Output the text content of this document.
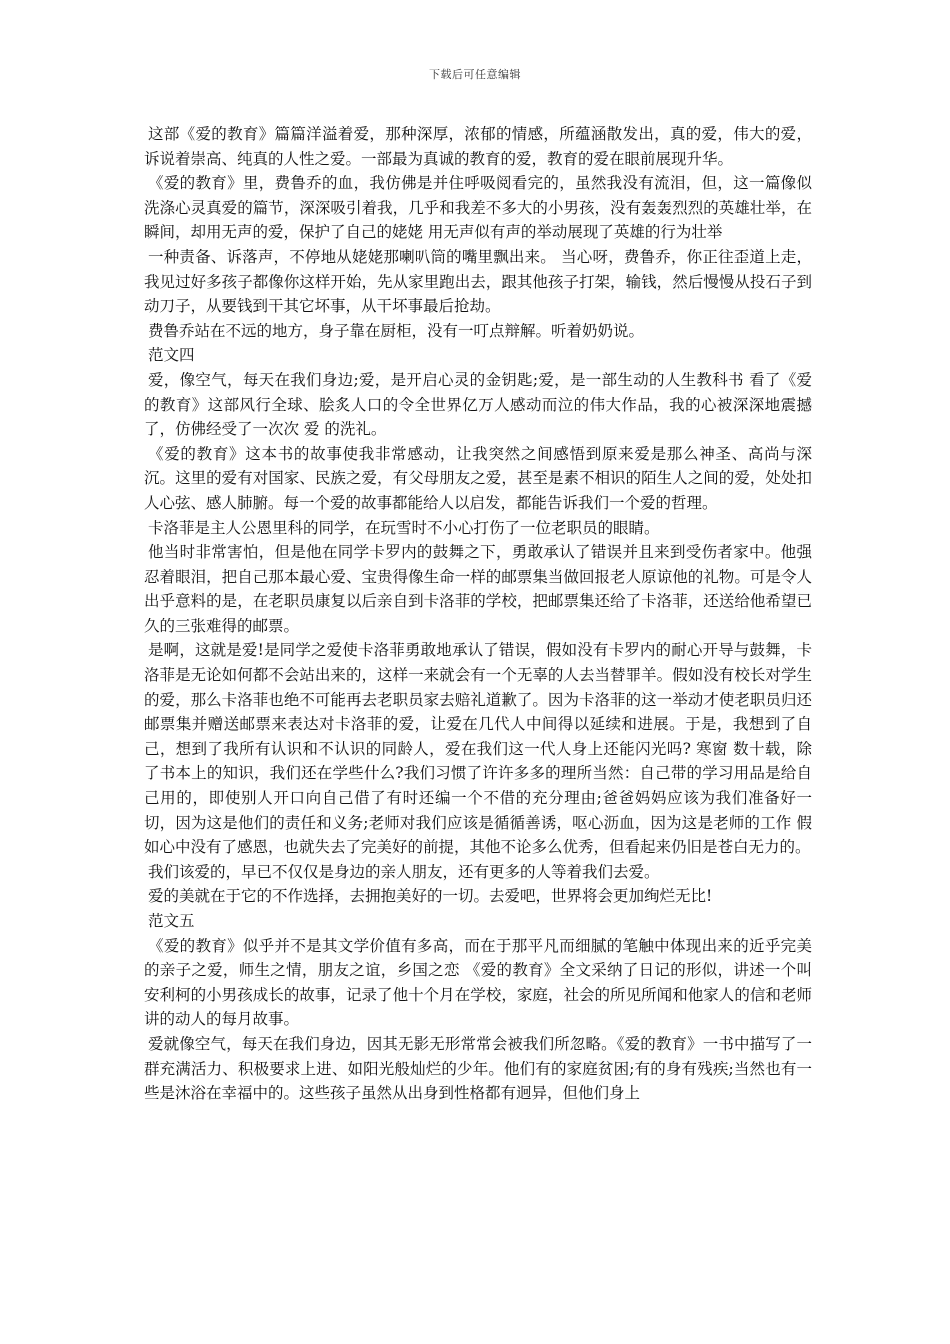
下载后可任意编辑

这部《爱的教育》篇篇洋溢着爱，那种深厚，浓郁的情感，所蕴涵散发出，真的爱，伟大的爱，诉说着崇高、纯真的人性之爱。一部最为真诚的教育的爱，教育的爱在眼前展现升华。

《爱的教育》里，费鲁乔的血，我仿佛是并住呼吸阅看完的，虽然我没有流泪，但，这一篇像似洗涤心灵真爱的篇节，深深吸引着我，几乎和我差不多大的小男孩，没有轰轰烈烈的英雄壮举，在瞬间，却用无声的爱，保护了自己的姥姥 用无声似有声的举动展现了英雄的行为壮举

一种责备、诉落声，不停地从姥姥那喇叭筒的嘴里飘出来。 当心呀，费鲁乔，你正往歪道上走，我见过好多孩子都像你这样开始，先从家里跑出去，跟其他孩子打架，输钱，然后慢慢从投石子到动刀子，从要钱到干其它坏事，从干坏事最后抢劫。

费鲁乔站在不远的地方，身子靠在厨柜，没有一叮点辩解。听着奶奶说。

范文四

爱，像空气，每天在我们身边;爱，是开启心灵的金钥匙;爱，是一部生动的人生教科书 看了《爱的教育》这部风行全球、脍炙人口的令全世界亿万人感动而泣的伟大作品，我的心被深深地震撼了，仿佛经受了一次次 爱 的洗礼。

《爱的教育》这本书的故事使我非常感动，让我突然之间感悟到原来爱是那么神圣、高尚与深沉。这里的爱有对国家、民族之爱，有父母朋友之爱，甚至是素不相识的陌生人之间的爱，处处扣人心弦、感人肺腑。每一个爱的故事都能给人以启发，都能告诉我们一个爱的哲理。

卡洛菲是主人公恩里科的同学，在玩雪时不小心打伤了一位老职员的眼睛。

他当时非常害怕，但是他在同学卡罗内的鼓舞之下，勇敢承认了错误并且来到受伤者家中。他强忍着眼泪，把自己那本最心爱、宝贵得像生命一样的邮票集当做回报老人原谅他的礼物。可是令人出乎意料的是，在老职员康复以后亲自到卡洛菲的学校，把邮票集还给了卡洛菲，还送给他希望已久的三张难得的邮票。

是啊，这就是爱!是同学之爱使卡洛菲勇敢地承认了错误，假如没有卡罗内的耐心开导与鼓舞，卡洛菲是无论如何都不会站出来的，这样一来就会有一个无辜的人去当替罪羊。假如没有校长对学生的爱，那么卡洛菲也绝不可能再去老职员家去赔礼道歉了。因为卡洛菲的这一举动才使老职员归还邮票集并赠送邮票来表达对卡洛菲的爱，让爱在几代人中间得以延续和进展。于是，我想到了自己，想到了我所有认识和不认识的同龄人，爱在我们这一代人身上还能闪光吗? 寒窗 数十载，除了书本上的知识，我们还在学些什么?我们习惯了许许多多的理所当然：自己带的学习用品是给自己用的，即使别人开口向自己借了有时还编一个不借的充分理由;爸爸妈妈应该为我们准备好一切，因为这是他们的责任和义务;老师对我们应该是循循善诱，呕心沥血，因为这是老师的工作 假如心中没有了感恩，也就失去了完美好的前提，其他不论多么优秀，但看起来仍旧是苍白无力的。

我们该爱的，早已不仅仅是身边的亲人朋友，还有更多的人等着我们去爱。

爱的美就在于它的不作选择，去拥抱美好的一切。去爱吧，世界将会更加绚烂无比!

范文五

《爱的教育》似乎并不是其文学价值有多高，而在于那平凡而细腻的笔触中体现出来的近乎完美的亲子之爱，师生之情，朋友之谊，乡国之恋 《爱的教育》全文采纳了日记的形似，讲述一个叫安利柯的小男孩成长的故事，记录了他十个月在学校，家庭，社会的所见所闻和他家人的信和老师讲的动人的每月故事。

爱就像空气，每天在我们身边，因其无影无形常常会被我们所忽略。《爱的教育》一书中描写了一群充满活力、积极要求上进、如阳光般灿烂的少年。他们有的家庭贫困;有的身有残疾;当然也有一些是沐浴在幸福中的。这些孩子虽然从出身到性格都有迥异，但他们身上
